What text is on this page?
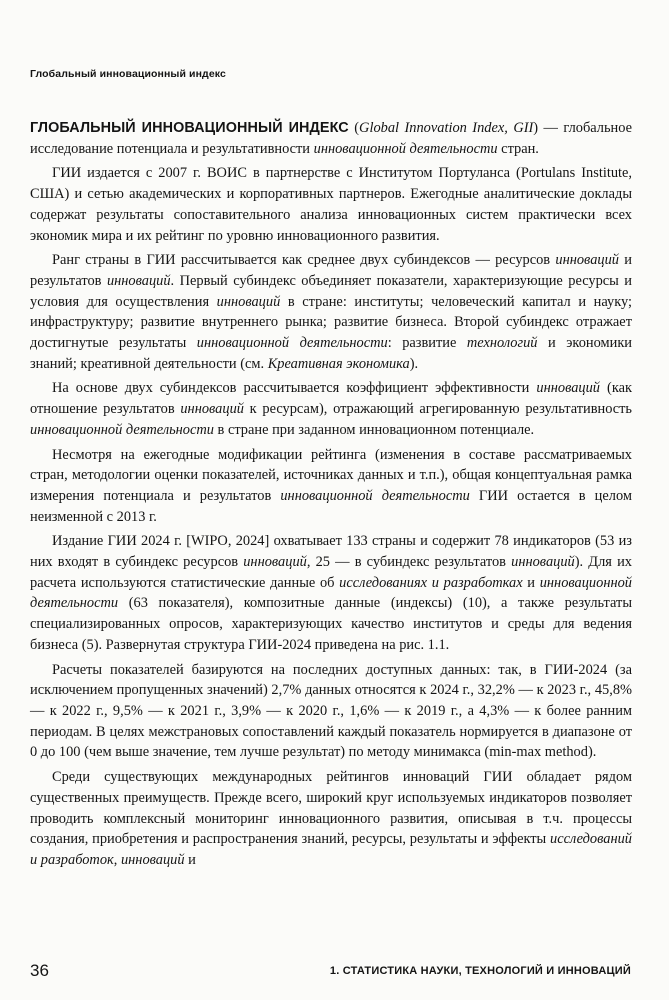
Глобальный инновационный индекс

ГЛОБАЛЬНЫЙ ИННОВАЦИОННЫЙ ИНДЕКС (Global Innovation Index, GII) — глобальное исследование потенциала и результативности инновационной деятельности стран.

ГИИ издается с 2007 г. ВОИС в партнерстве с Институтом Портуланса (Portulans Institute, США) и сетью академических и корпоративных партнеров. Ежегодные аналитические доклады содержат результаты сопоставительного анализа инновационных систем практически всех экономик мира и их рейтинг по уровню инновационного развития.

Ранг страны в ГИИ рассчитывается как среднее двух субиндексов — ресурсов инноваций и результатов инноваций. Первый субиндекс объединяет показатели, характеризующие ресурсы и условия для осуществления инноваций в стране: институты; человеческий капитал и науку; инфраструктуру; развитие внутреннего рынка; развитие бизнеса. Второй субиндекс отражает достигнутые результаты инновационной деятельности: развитие технологий и экономики знаний; креативной деятельности (см. Креативная экономика).

На основе двух субиндексов рассчитывается коэффициент эффективности инноваций (как отношение результатов инноваций к ресурсам), отражающий агрегированную результативность инновационной деятельности в стране при заданном инновационном потенциале.

Несмотря на ежегодные модификации рейтинга (изменения в составе рассматриваемых стран, методологии оценки показателей, источниках данных и т.п.), общая концептуальная рамка измерения потенциала и результатов инновационной деятельности ГИИ остается в целом неизменной с 2013 г.

Издание ГИИ 2024 г. [WIPO, 2024] охватывает 133 страны и содержит 78 индикаторов (53 из них входят в субиндекс ресурсов инноваций, 25 — в субиндекс результатов инноваций). Для их расчета используются статистические данные об исследованиях и разработках и инновационной деятельности (63 показателя), композитные данные (индексы) (10), а также результаты специализированных опросов, характеризующих качество институтов и среды для ведения бизнеса (5). Развернутая структура ГИИ-2024 приведена на рис. 1.1.

Расчеты показателей базируются на последних доступных данных: так, в ГИИ-2024 (за исключением пропущенных значений) 2,7% данных относятся к 2024 г., 32,2% — к 2023 г., 45,8% — к 2022 г., 9,5% — к 2021 г., 3,9% — к 2020 г., 1,6% — к 2019 г., а 4,3% — к более ранним периодам. В целях межстрановых сопоставлений каждый показатель нормируется в диапазоне от 0 до 100 (чем выше значение, тем лучше результат) по методу минимакса (min-max method).

Среди существующих международных рейтингов инноваций ГИИ обладает рядом существенных преимуществ. Прежде всего, широкий круг используемых индикаторов позволяет проводить комплексный мониторинг инновационного развития, описывая в т.ч. процессы создания, приобретения и распространения знаний, ресурсы, результаты и эффекты исследований и разработок, инноваций и

36	1. СТАТИСТИКА НАУКИ, ТЕХНОЛОГИЙ И ИННОВАЦИЙ
